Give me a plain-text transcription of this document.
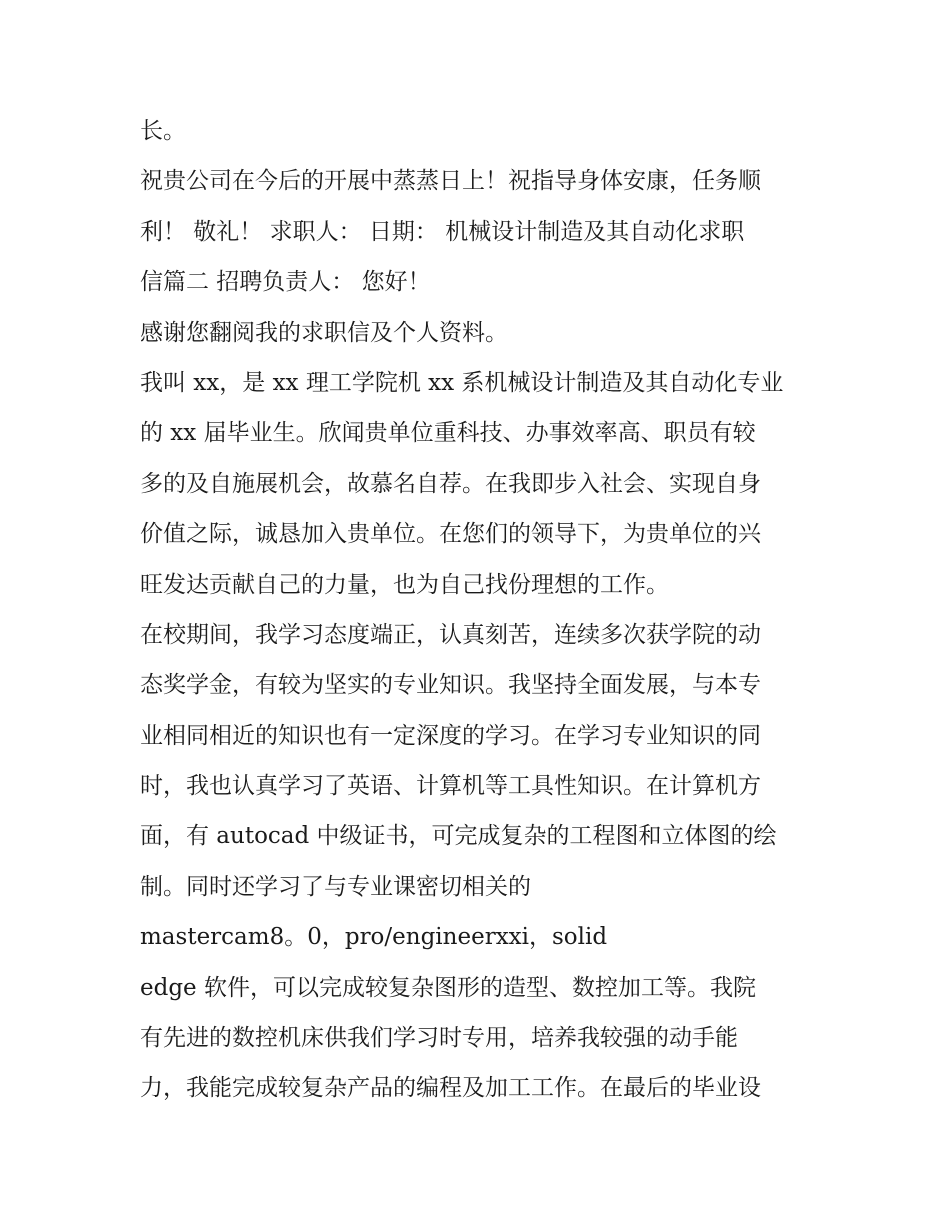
长。
祝贵公司在今后的开展中蒸蒸日上！祝指导身体安康，任务顺
利！ 敬礼！ 求职人： 日期： 机械设计制造及其自动化求职
信篇二 招聘负责人： 您好！
感谢您翻阅我的求职信及个人资料。
我叫 xx，是 xx 理工学院机 xx 系机械设计制造及其自动化专业
的 xx 届毕业生。欣闻贵单位重科技、办事效率高、职员有较
多的及自施展机会，故慕名自荐。在我即步入社会、实现自身
价值之际，诚恳加入贵单位。在您们的领导下，为贵单位的兴
旺发达贡献自己的力量，也为自己找份理想的工作。
在校期间，我学习态度端正，认真刻苦，连续多次获学院的动
态奖学金，有较为坚实的专业知识。我坚持全面发展，与本专
业相同相近的知识也有一定深度的学习。在学习专业知识的同
时，我也认真学习了英语、计算机等工具性知识。在计算机方
面，有 autocad 中级证书，可完成复杂的工程图和立体图的绘
制。同时还学习了与专业课密切相关的
mastercam8。0，pro/engineerxxi，solid
edge 软件，可以完成较复杂图形的造型、数控加工等。我院
有先进的数控机床供我们学习时专用，培养我较强的动手能
力，我能完成较复杂产品的编程及加工工作。在最后的毕业设
